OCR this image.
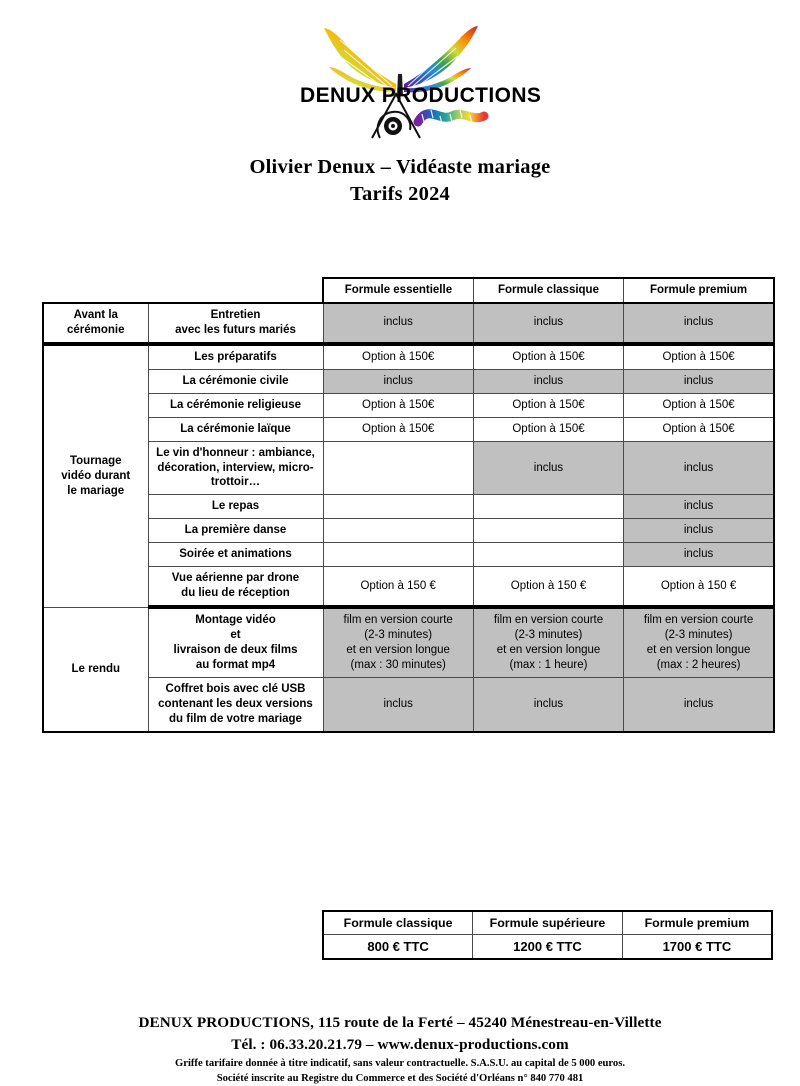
DENUX PRODUCTIONS
Olivier Denux – Vidéaste mariage
Tarifs 2024
		Formule essentielle	Formule classique	Formule premium
Avant la
cérémonie	Entretien
avec les futurs mariés	inclus	inclus	inclus
Tournage
vidéo durant
le mariage	Les préparatifs	Option à 150€	Option à 150€	Option à 150€
	La cérémonie civile	inclus	inclus	inclus
	La cérémonie religieuse	Option à 150€	Option à 150€	Option à 150€
	La cérémonie laïque	Option à 150€	Option à 150€	Option à 150€
	Le vin d'honneur : ambiance, décoration, interview, micro-trottoir…		inclus	inclus
	Le repas			inclus
	La première danse			inclus
	Soirée et animations			inclus
	Vue aérienne par drone
du lieu de réception	Option à 150 €	Option à 150 €	Option à 150 €
Le rendu	Montage vidéo
et
livraison de deux films
au format mp4	film en version courte
(2-3 minutes)
et en version longue
(max : 30 minutes)	film en version courte
(2-3 minutes)
et en version longue
(max : 1 heure)	film en version courte
(2-3 minutes)
et en version longue
(max : 2 heures)
	Coffret bois avec clé USB
contenant les deux versions
du film de votre mariage	inclus	inclus	inclus
Formule classique	Formule supérieure	Formule premium
800 € TTC	1200 € TTC	1700 € TTC
DENUX PRODUCTIONS, 115 route de la Ferté – 45240 Ménestreau-en-Villette
Tél. : 06.33.20.21.79 – www.denux-productions.com
Griffe tarifaire donnée à titre indicatif, sans valeur contractuelle. S.A.S.U. au capital de 5 000 euros.
Société inscrite au Registre du Commerce et des Société d'Orléans n° 840 770 481
